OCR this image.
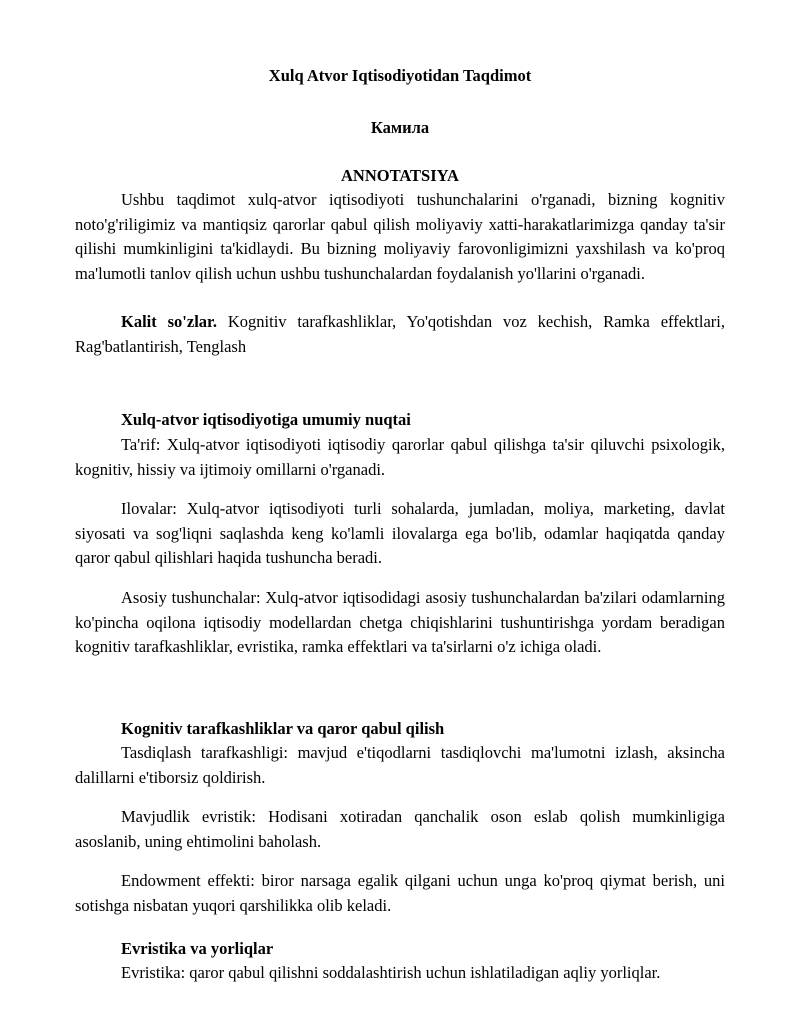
Xulq Atvor Iqtisodiyotidan Taqdimot
Камила
ANNOTATSIYA

Ushbu taqdimot xulq-atvor iqtisodiyoti tushunchalarini o'rganadi, bizning kognitiv noto'g'riligimiz va mantiqsiz qarorlar qabul qilish moliyaviy xatti-harakatlarimizga qanday ta'sir qilishi mumkinligini ta'kidlaydi. Bu bizning moliyaviy farovonligimizni yaxshilash va ko'proq ma'lumotli tanlov qilish uchun ushbu tushunchalardan foydalanish yo'llarini o'rganadi.

Kalit so'zlar. Kognitiv tarafkashliklar, Yo'qotishdan voz kechish, Ramka effektlari, Rag'batlantirish, Tenglash

Xulq-atvor iqtisodiyotiga umumiy nuqtai

Ta'rif: Xulq-atvor iqtisodiyoti iqtisodiy qarorlar qabul qilishga ta'sir qiluvchi psixologik, kognitiv, hissiy va ijtimoiy omillarni o'rganadi.

Ilovalar: Xulq-atvor iqtisodiyoti turli sohalarda, jumladan, moliya, marketing, davlat siyosati va sog'liqni saqlashda keng ko'lamli ilovalarga ega bo'lib, odamlar haqiqatda qanday qaror qabul qilishlari haqida tushuncha beradi.

Asosiy tushunchalar: Xulq-atvor iqtisodidagi asosiy tushunchalardan ba'zilari odamlarning ko'pincha oqilona iqtisodiy modellardan chetga chiqishlarini tushuntirishga yordam beradigan kognitiv tarafkashliklar, evristika, ramka effektlari va ta'sirlarni o'z ichiga oladi.

Kognitiv tarafkashliklar va qaror qabul qilish

Tasdiqlash tarafkashligi: mavjud e'tiqodlarni tasdiqlovchi ma'lumotni izlash, aksincha dalillarni e'tiborsiz qoldirish.

Mavjudlik evristik: Hodisani xotiradan qanchalik oson eslab qolish mumkinligiga asoslanib, uning ehtimolini baholash.

Endowment effekti: biror narsaga egalik qilgani uchun unga ko'proq qiymat berish, uni sotishga nisbatan yuqori qarshilikka olib keladi.

Evristika va yorliqlar

Evristika: qaror qabul qilishni soddalashtirish uchun ishlatiladigan aqliy yorliqlar.
